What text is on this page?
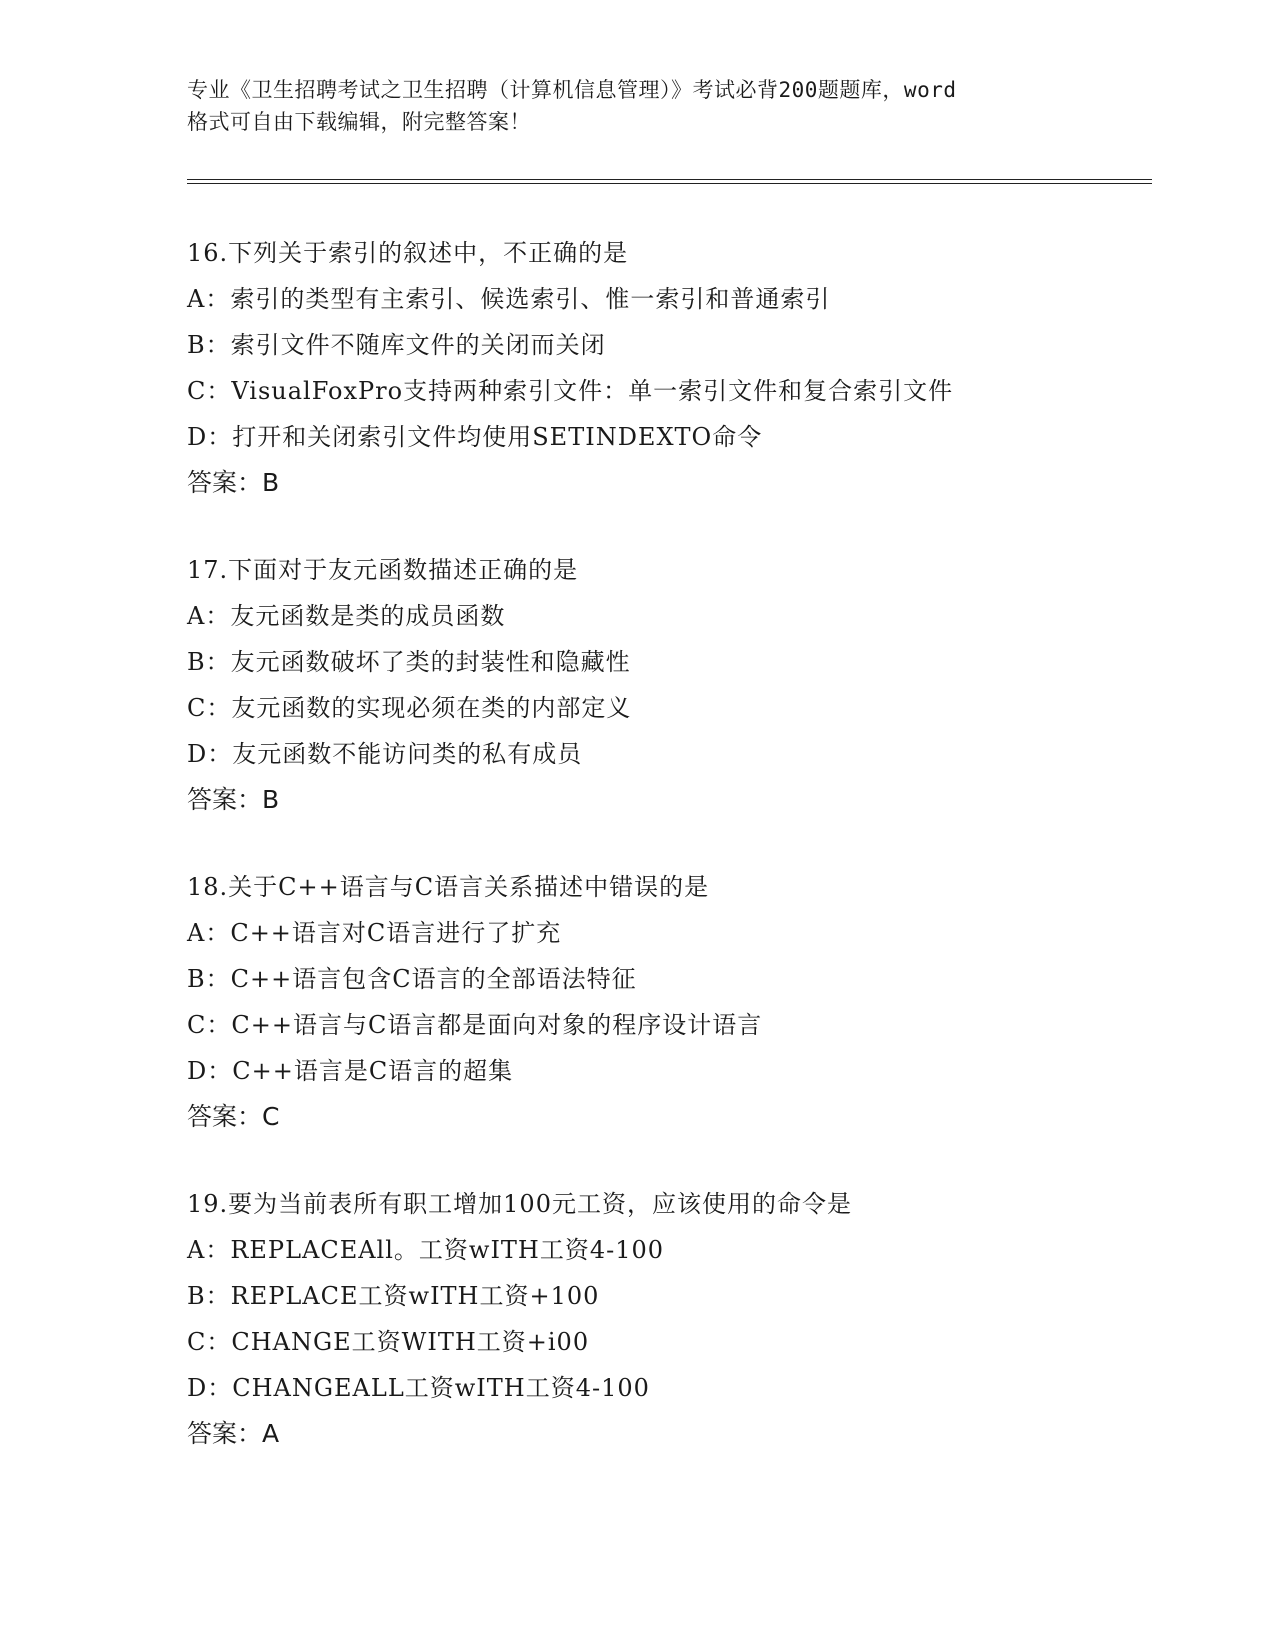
专业《卫生招聘考试之卫生招聘（计算机信息管理）》考试必背200题题库，word
格式可自由下载编辑，附完整答案！
16.下列关于索引的叙述中，不正确的是
A：索引的类型有主索引、候选索引、惟一索引和普通索引
B：索引文件不随库文件的关闭而关闭
C：VisualFoxPro支持两种索引文件：单一索引文件和复合索引文件
D：打开和关闭索引文件均使用SETINDEXTO命令
答案：B
17.下面对于友元函数描述正确的是
A：友元函数是类的成员函数
B：友元函数破坏了类的封装性和隐藏性
C：友元函数的实现必须在类的内部定义
D：友元函数不能访问类的私有成员
答案：B
18.关于C++语言与C语言关系描述中错误的是
A：C++语言对C语言进行了扩充
B：C++语言包含C语言的全部语法特征
C：C++语言与C语言都是面向对象的程序设计语言
D：C++语言是C语言的超集
答案：C
19.要为当前表所有职工增加100元工资，应该使用的命令是
A：REPLACEAll。工资wITH工资4-100
B：REPLACE工资wITH工资+100
C：CHANGE工资WITH工资+i00
D：CHANGEALL工资wITH工资4-100
答案：A
